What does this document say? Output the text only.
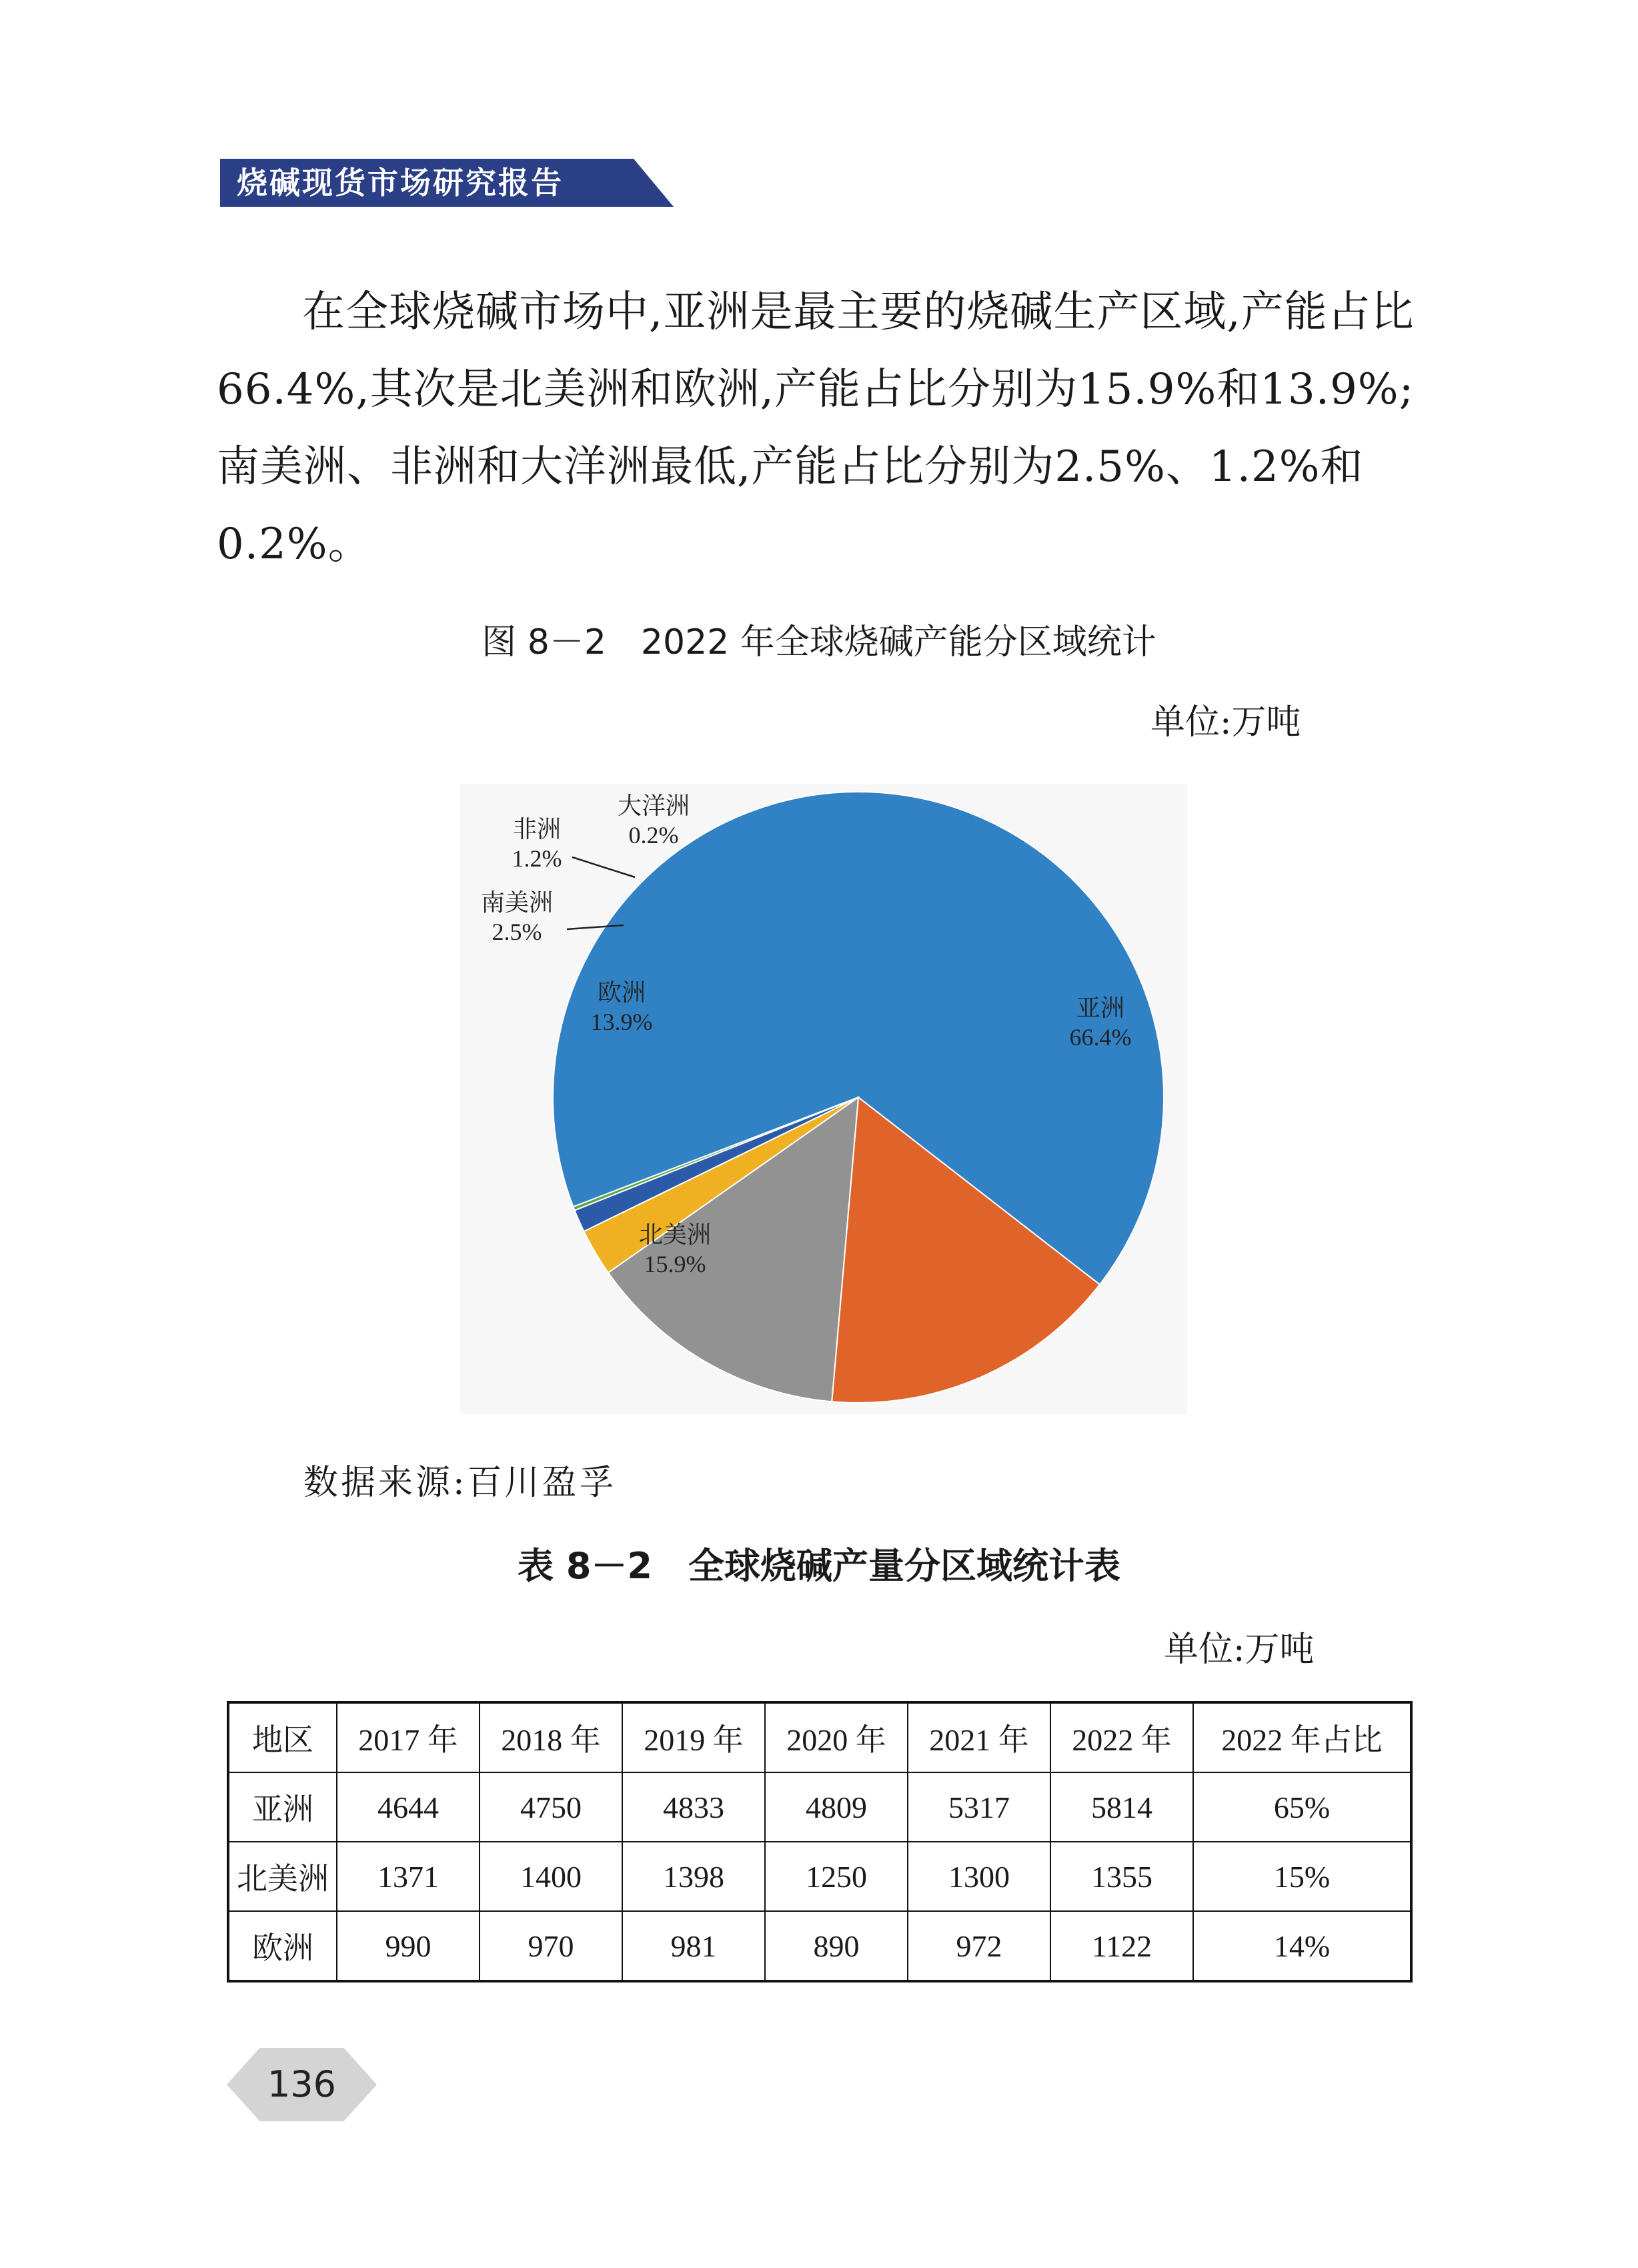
烧碱现货市场研究报告

在全球烧碱市场中,亚洲是最主要的烧碱生产区域,产能占比66.4%,其次是北美洲和欧洲,产能占比分别为15.9%和13.9%;南美洲、非洲和大洋洲最低,产能占比分别为2.5%、1.2%和0.2%。

图 8－2　2022 年全球烧碱产能分区域统计
单位:万吨
亚洲
66.4%
北美洲
15.9%
欧洲
13.9%
南美洲
2.5%
非洲
1.2%
大洋洲
0.2%
数据来源:百川盈孚
表 8－2　全球烧碱产量分区域统计表
单位:万吨
地区	2017 年	2018 年	2019 年	2020 年	2021 年	2022 年	2022 年占比
亚洲	4644	4750	4833	4809	5317	5814	65%
北美洲	1371	1400	1398	1250	1300	1355	15%
欧洲	990	970	981	890	972	1122	14%
136
